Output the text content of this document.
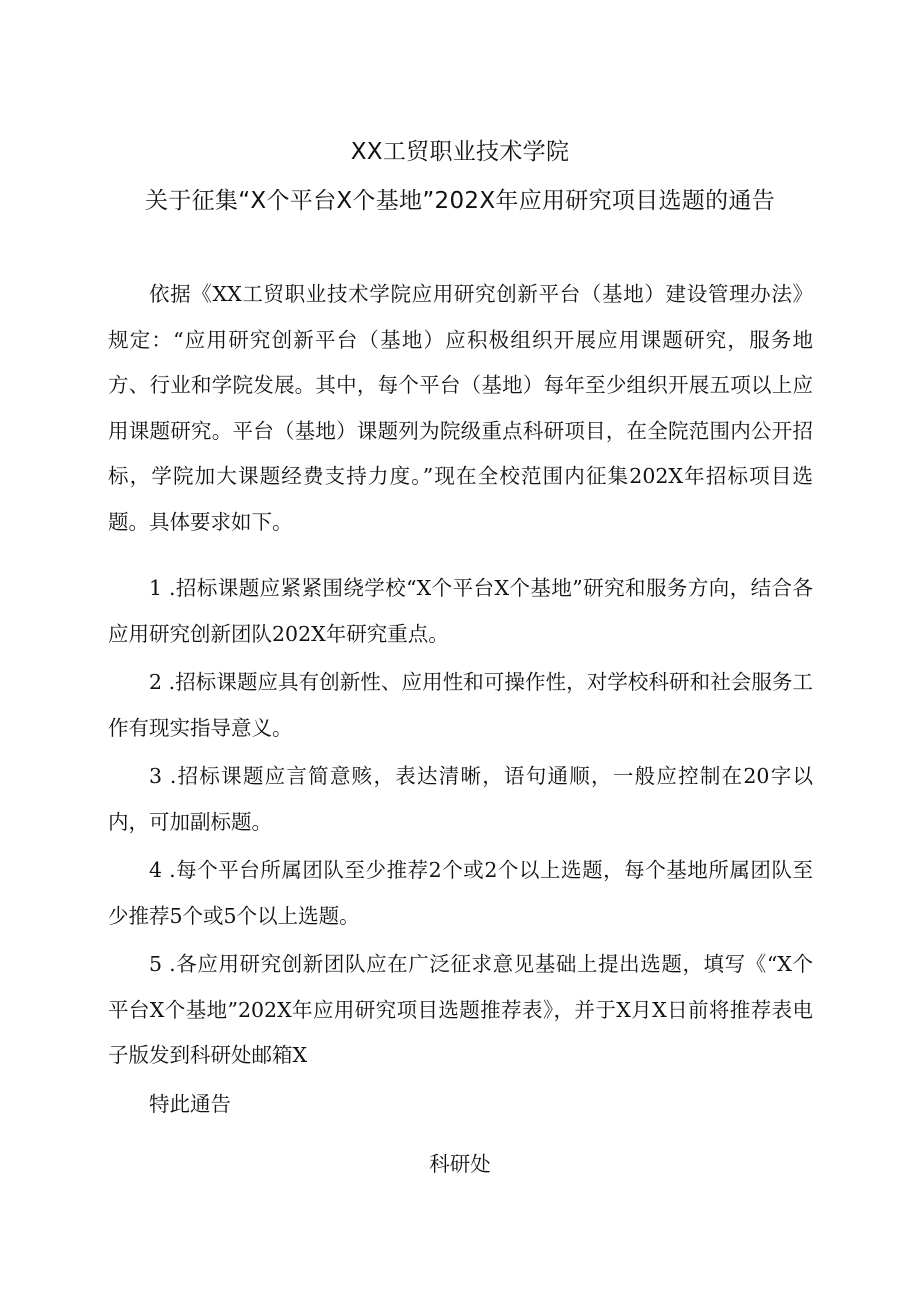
XX工贸职业技术学院
关于征集“X个平台X个基地”202X年应用研究项目选题的通告

依据《XX工贸职业技术学院应用研究创新平台（基地）建设管理办法》规定：“应用研究创新平台（基地）应积极组织开展应用课题研究，服务地方、行业和学院发展。其中，每个平台（基地）每年至少组织开展五项以上应用课题研究。平台（基地）课题列为院级重点科研项目，在全院范围内公开招标，学院加大课题经费支持力度。”现在全校范围内征集202X年招标项目选题。具体要求如下。

1 .招标课题应紧紧围绕学校“X个平台X个基地”研究和服务方向，结合各应用研究创新团队202X年研究重点。

2 .招标课题应具有创新性、应用性和可操作性，对学校科研和社会服务工作有现实指导意义。

3 .招标课题应言简意赅，表达清晰，语句通顺，一般应控制在20字以内，可加副标题。

4 .每个平台所属团队至少推荐2个或2个以上选题，每个基地所属团队至少推荐5个或5个以上选题。

5 .各应用研究创新团队应在广泛征求意见基础上提出选题，填写《“X个平台X个基地”202X年应用研究项目选题推荐表》，并于X月X日前将推荐表电子版发到科研处邮箱X

特此通告

科研处
